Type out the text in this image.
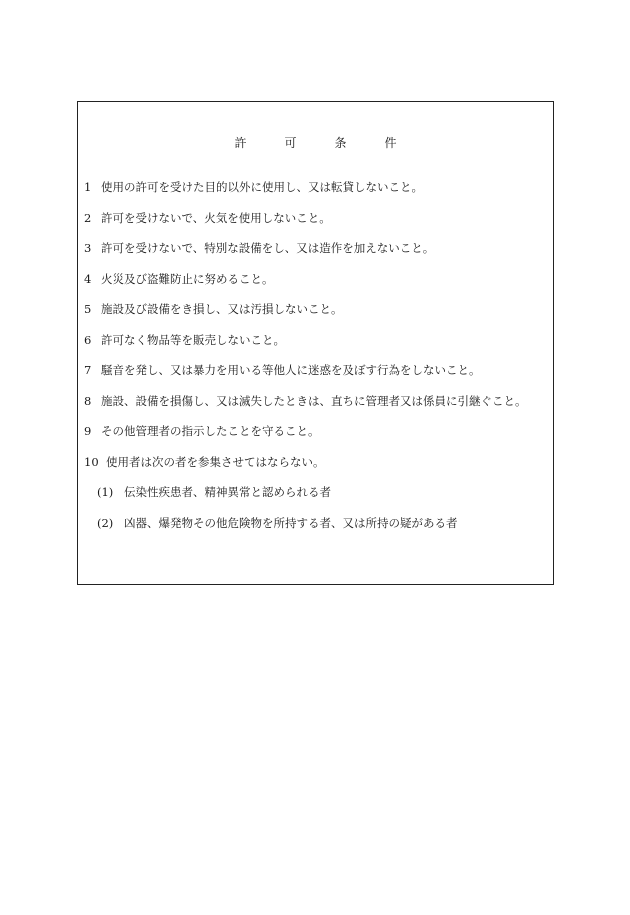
許	可	条	件
1 使用の許可を受けた目的以外に使用し、又は転貸しないこと。
2 許可を受けないで、火気を使用しないこと。
3 許可を受けないで、特別な設備をし、又は造作を加えないこと。
4 火災及び盗難防止に努めること。
5 施設及び設備をき損し、又は汚損しないこと。
6 許可なく物品等を販売しないこと。
7 騒音を発し、又は暴力を用いる等他人に迷惑を及ぼす行為をしないこと。
8 施設、設備を損傷し、又は滅失したときは、直ちに管理者又は係員に引継ぐこと。
9 その他管理者の指示したことを守ること。
10 使用者は次の者を参集させてはならない。
(1) 伝染性疾患者、精神異常と認められる者
(2) 凶器、爆発物その他危険物を所持する者、又は所持の疑がある者
